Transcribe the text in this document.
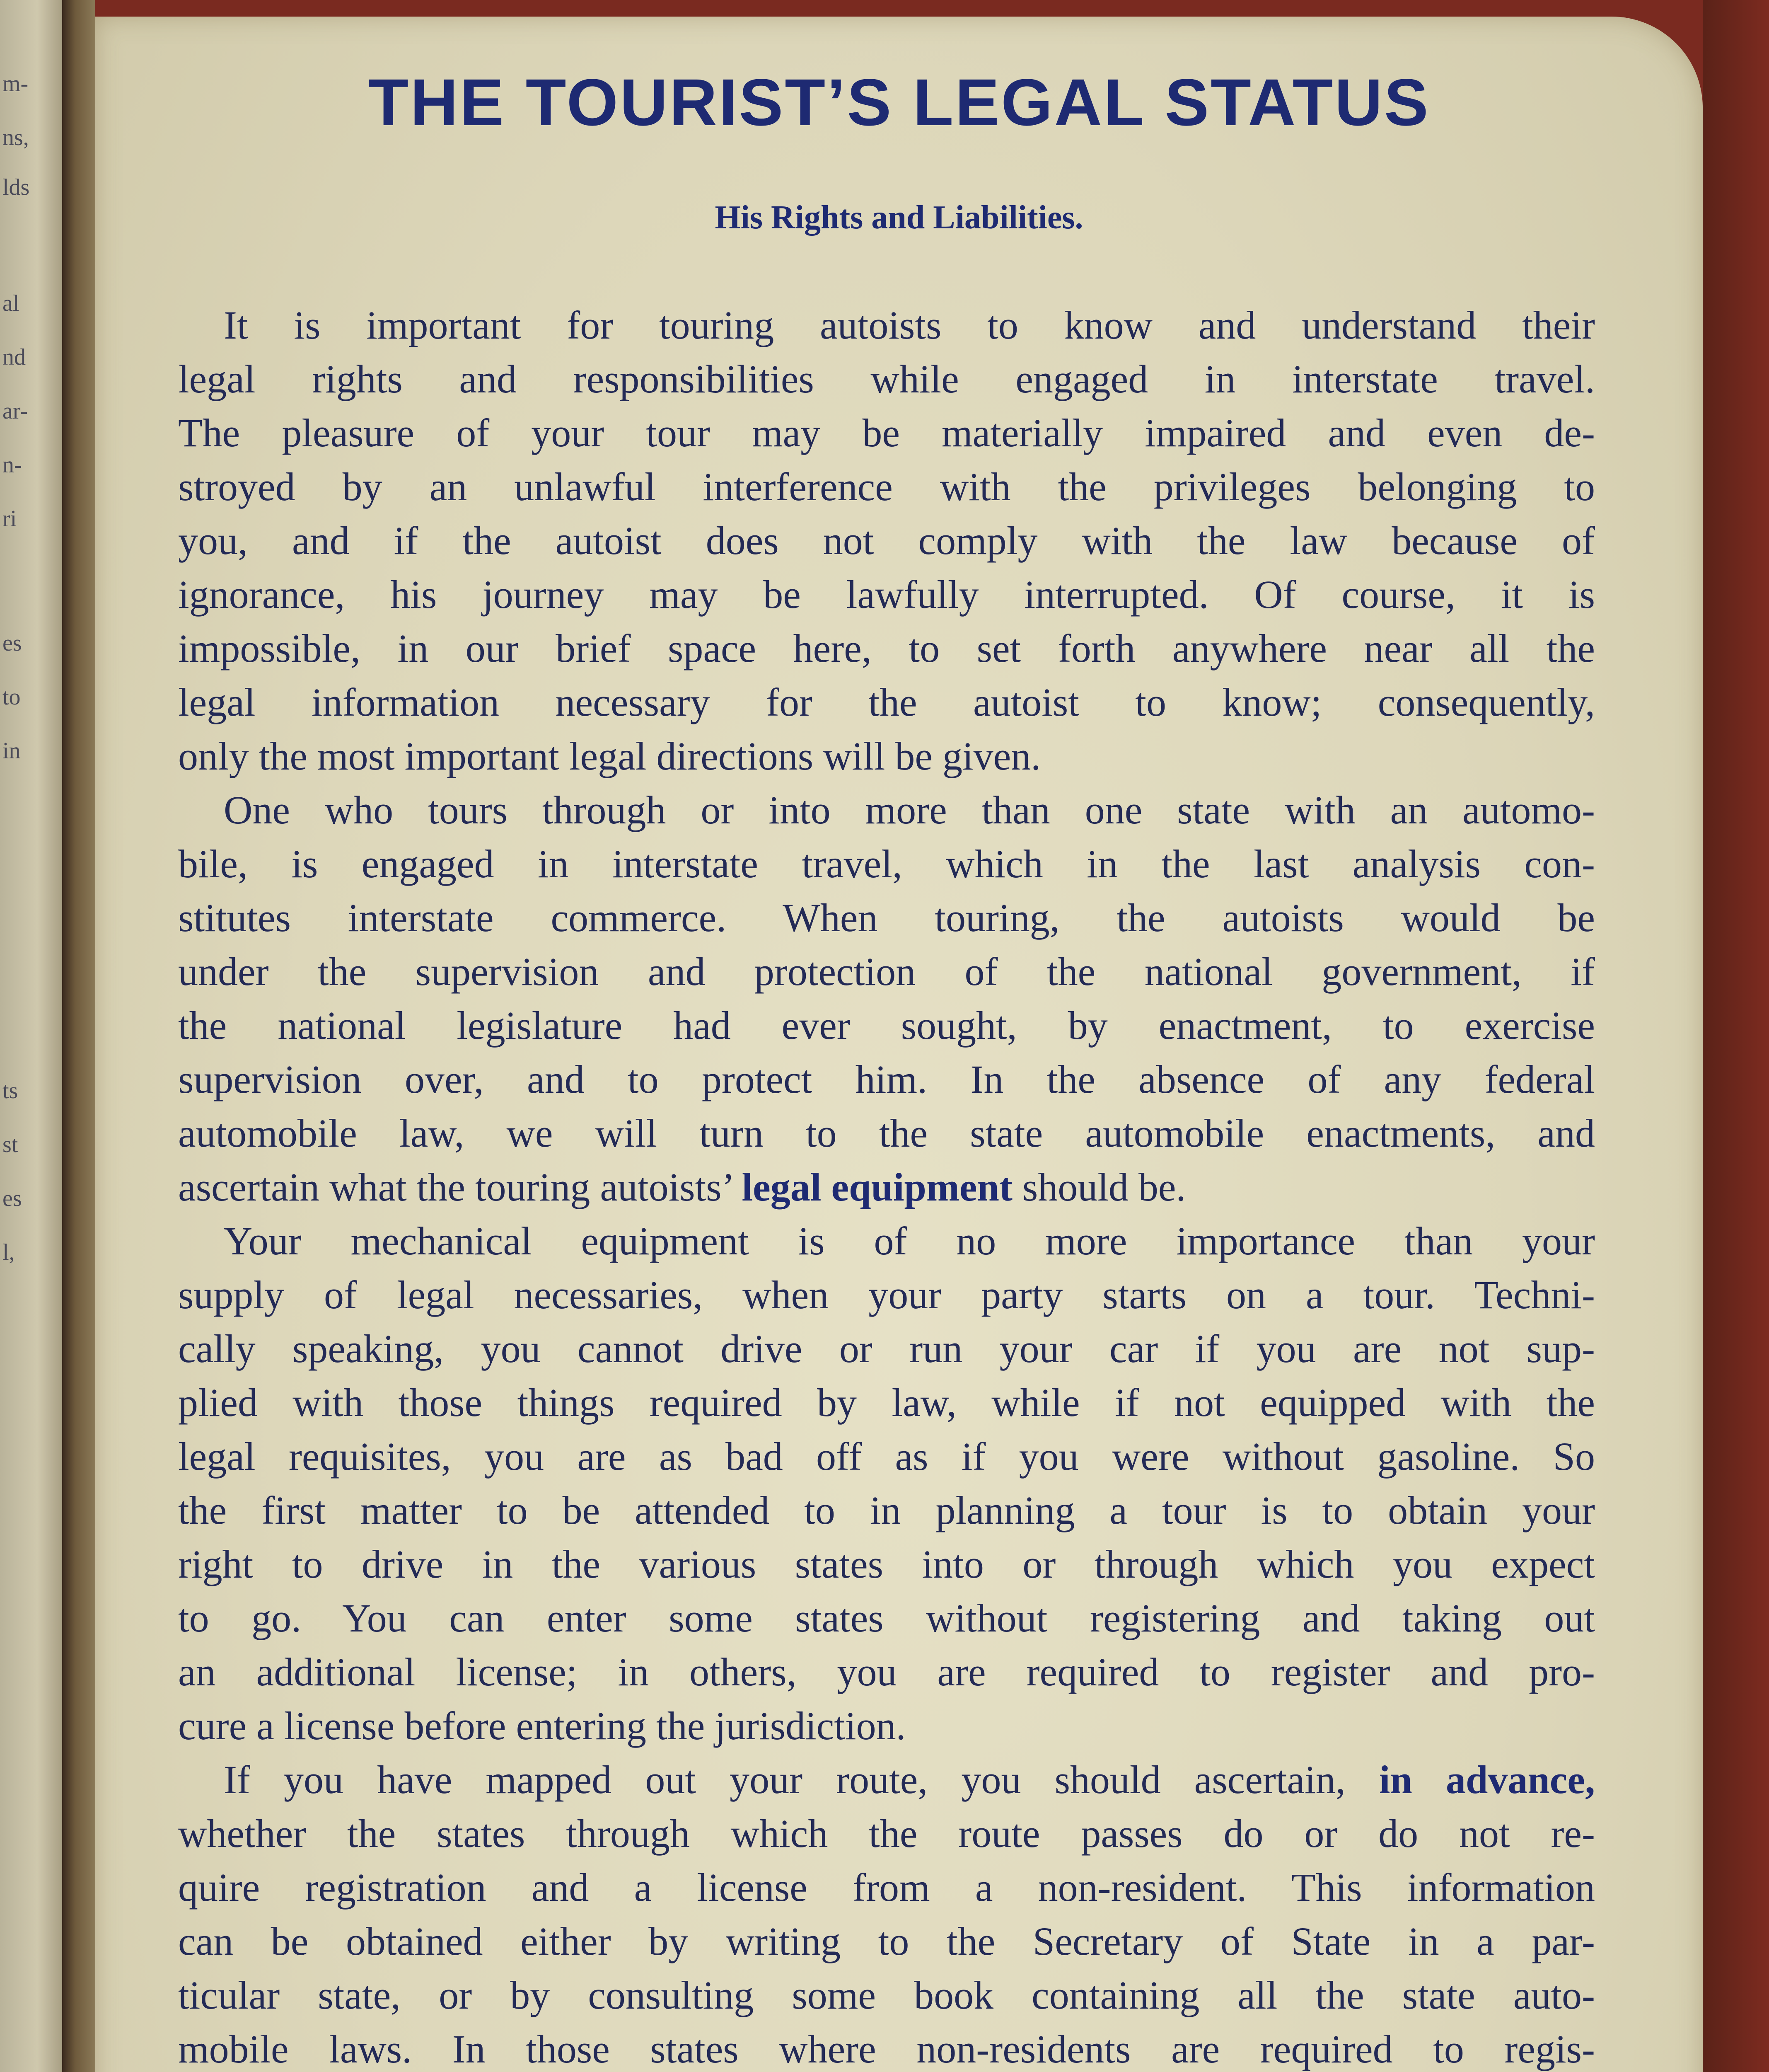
m-
ns,
lds
al
nd
ar-
n-
ri
es
to
in
ts
st
es
l,
THE TOURIST’S LEGAL STATUS
His Rights and Liabilities.
It is important for touring autoists to know and understand their
legal rights and responsibilities while engaged in interstate travel.
The pleasure of your tour may be materially impaired and even de-
stroyed by an unlawful interference with the privileges belonging to
you, and if the autoist does not comply with the law because of
ignorance, his journey may be lawfully interrupted. Of course, it is
impossible, in our brief space here, to set forth anywhere near all the
legal information necessary for the autoist to know; consequently,
only the most important legal directions will be given.
One who tours through or into more than one state with an automo-
bile, is engaged in interstate travel, which in the last analysis con-
stitutes interstate commerce. When touring, the autoists would be
under the supervision and protection of the national government, if
the national legislature had ever sought, by enactment, to exercise
supervision over, and to protect him. In the absence of any federal
automobile law, we will turn to the state automobile enactments, and
ascertain what the touring autoists’ legal equipment should be.
Your mechanical equipment is of no more importance than your
supply of legal necessaries, when your party starts on a tour. Techni-
cally speaking, you cannot drive or run your car if you are not sup-
plied with those things required by law, while if not equipped with the
legal requisites, you are as bad off as if you were without gasoline. So
the first matter to be attended to in planning a tour is to obtain your
right to drive in the various states into or through which you expect
to go. You can enter some states without registering and taking out
an additional license; in others, you are required to register and pro-
cure a license before entering the jurisdiction.
If you have mapped out your route, you should ascertain, in advance,
whether the states through which the route passes do or do not re-
quire registration and a license from a non-resident. This information
can be obtained either by writing to the Secretary of State in a par-
ticular state, or by consulting some book containing all the state auto-
mobile laws. In those states where non-residents are required to regis-
